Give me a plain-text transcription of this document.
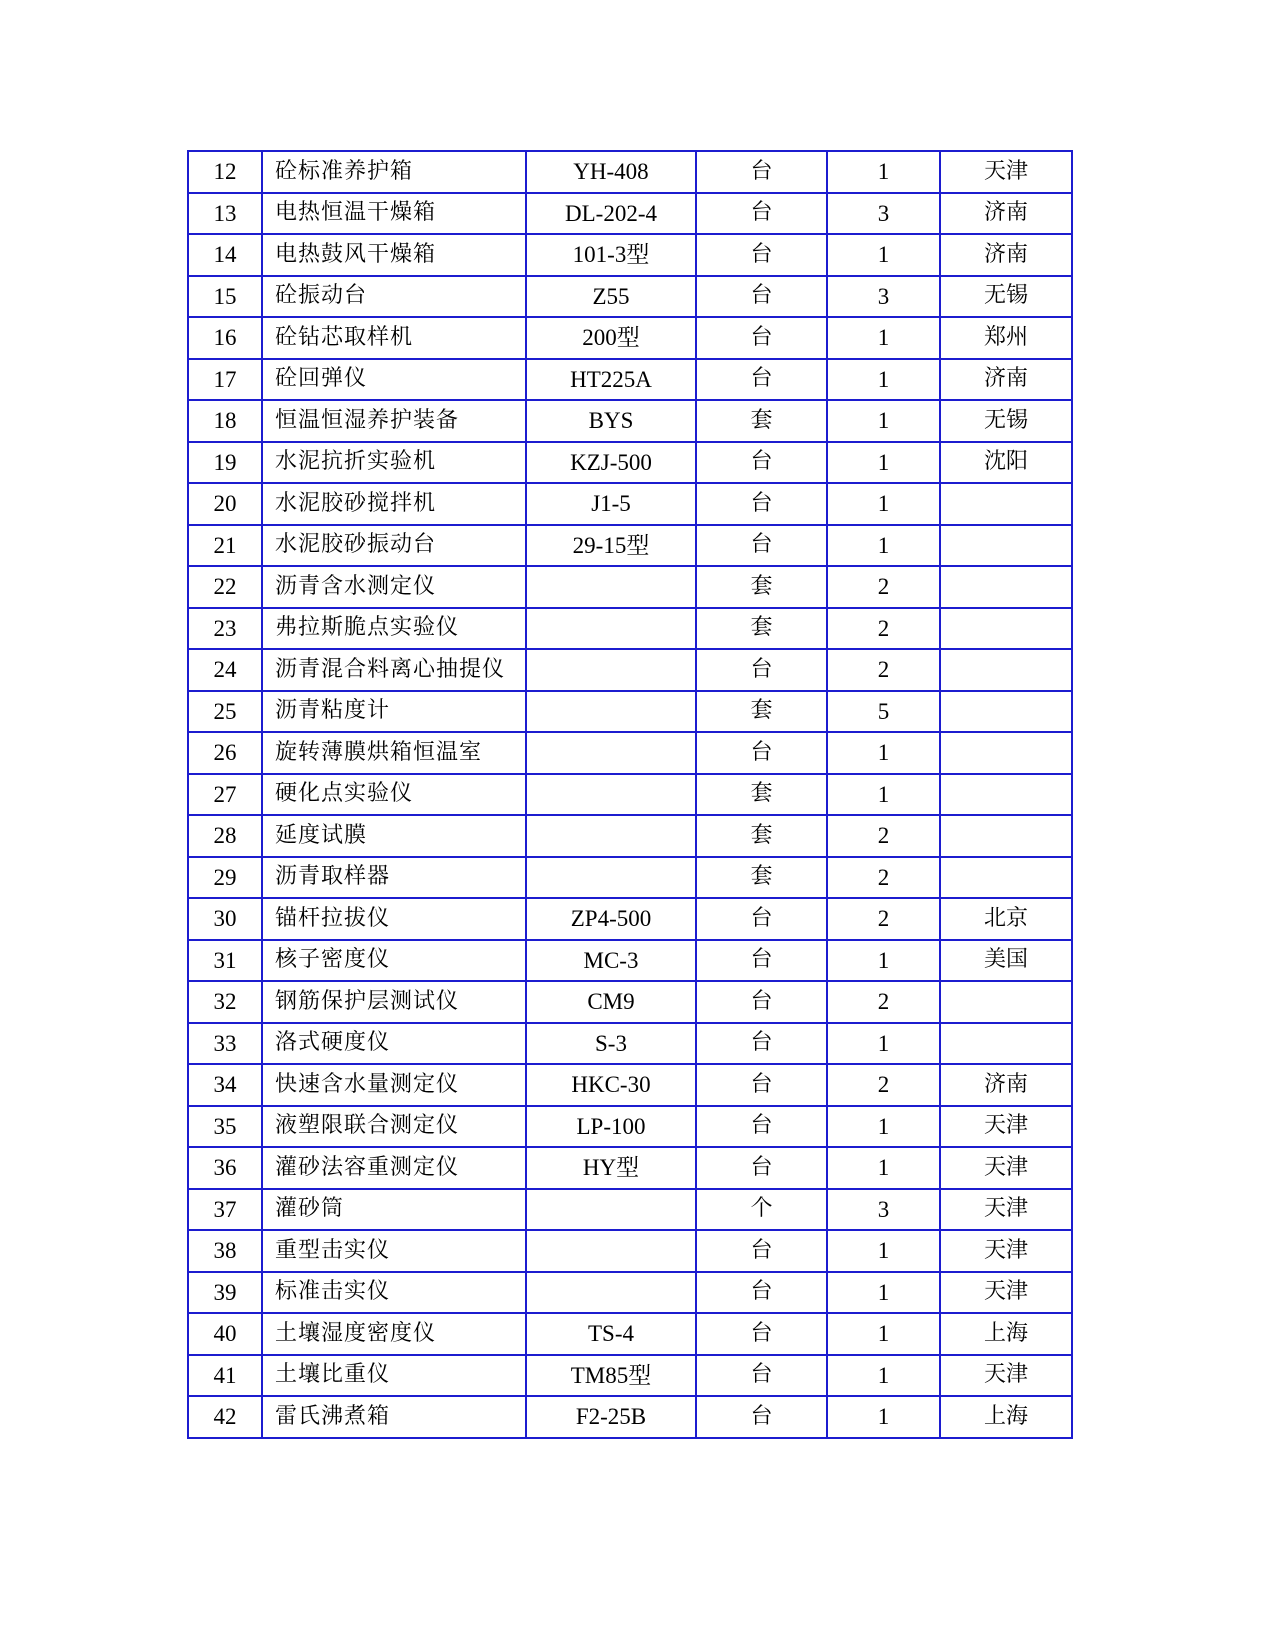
12	砼标准养护箱	YH-408	台	1	天津
13	电热恒温干燥箱	DL-202-4	台	3	济南
14	电热鼓风干燥箱	101-3型	台	1	济南
15	砼振动台	Z55	台	3	无锡
16	砼钻芯取样机	200型	台	1	郑州
17	砼回弹仪	HT225A	台	1	济南
18	恒温恒湿养护装备	BYS	套	1	无锡
19	水泥抗折实验机	KZJ-500	台	1	沈阳
20	水泥胶砂搅拌机	J1-5	台	1	
21	水泥胶砂振动台	29-15型	台	1	
22	沥青含水测定仪		套	2	
23	弗拉斯脆点实验仪		套	2	
24	沥青混合料离心抽提仪		台	2	
25	沥青粘度计		套	5	
26	旋转薄膜烘箱恒温室		台	1	
27	硬化点实验仪		套	1	
28	延度试膜		套	2	
29	沥青取样器		套	2	
30	锚杆拉拔仪	ZP4-500	台	2	北京
31	核子密度仪	MC-3	台	1	美国
32	钢筋保护层测试仪	CM9	台	2	
33	洛式硬度仪	S-3	台	1	
34	快速含水量测定仪	HKC-30	台	2	济南
35	液塑限联合测定仪	LP-100	台	1	天津
36	灌砂法容重测定仪	HY型	台	1	天津
37	灌砂筒		个	3	天津
38	重型击实仪		台	1	天津
39	标准击实仪		台	1	天津
40	土壤湿度密度仪	TS-4	台	1	上海
41	土壤比重仪	TM85型	台	1	天津
42	雷氏沸煮箱	F2-25B	台	1	上海
